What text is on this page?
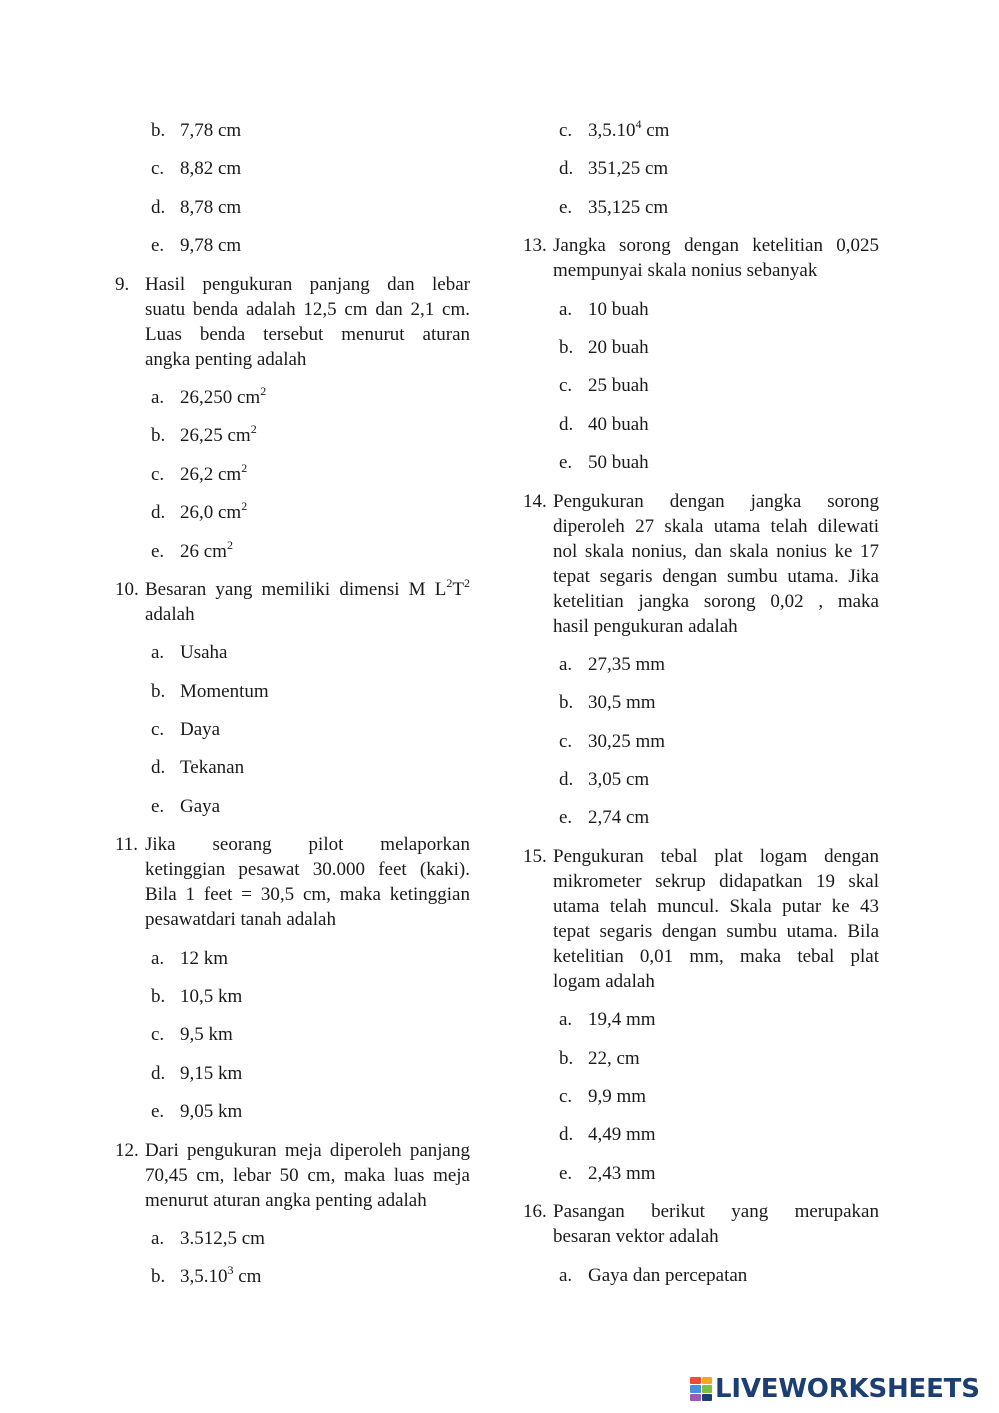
b. 7,78 cm
c. 8,82 cm
d. 8,78 cm
e. 9,78 cm
9. Hasil pengukuran panjang dan lebar
suatu benda adalah 12,5 cm dan 2,1 cm.
Luas benda tersebut menurut aturan
angka penting adalah
a. 26,250 $cm^2$
b. 26,25 $cm^2$
c. 26,2 $cm^2$
d. 26,0 $cm^2$
e. 26 $cm^2$
10. Besaran yang memiliki dimensi M $L^2T^2$
adalah
a. Usaha
b. Momentum
c. Daya
d. Tekanan
e. Gaya
11. Jika seorang pilot melaporkan
ketinggian pesawat 30.000 feet (kaki).
Bila 1 feet = 30,5 cm, maka ketinggian
pesawatdari tanah adalah
a. 12 km
b. 10,5 km
c. 9,5 km
d. 9,15 km
e. 9,05 km
12. Dari pengukuran meja diperoleh panjang
70,45 cm, lebar 50 cm, maka luas meja
menurut aturan angka penting adalah
a. 3.512,5 cm
b. 3,5.10$^3$ cm
c. 3,5.10$^4$ cm
d. 351,25 cm
e. 35,125 cm
13. Jangka sorong dengan ketelitian 0,025
mempunyai skala nonius sebanyak
a. 10 buah
b. 20 buah
c. 25 buah
d. 40 buah
e. 50 buah
14. Pengukuran dengan jangka sorong
diperoleh 27 skala utama telah dilewati
nol skala nonius, dan skala nonius ke 17
tepat segaris dengan sumbu utama. Jika
ketelitian jangka sorong 0,02 , maka
hasil pengukuran adalah
a. 27,35 mm
b. 30,5 mm
c. 30,25 mm
d. 3,05 cm
e. 2,74 cm
15. Pengukuran tebal plat logam dengan
mikrometer sekrup didapatkan 19 skal
utama telah muncul. Skala putar ke 43
tepat segaris dengan sumbu utama. Bila
ketelitian 0,01 mm, maka tebal plat
logam adalah
a. 19,4 mm
b. 22, cm
c. 9,9 mm
d. 4,49 mm
e. 2,43 mm
16. Pasangan berikut yang merupakan
besaran vektor adalah
a. Gaya dan percepatan
LIVEWORKSHEETS
